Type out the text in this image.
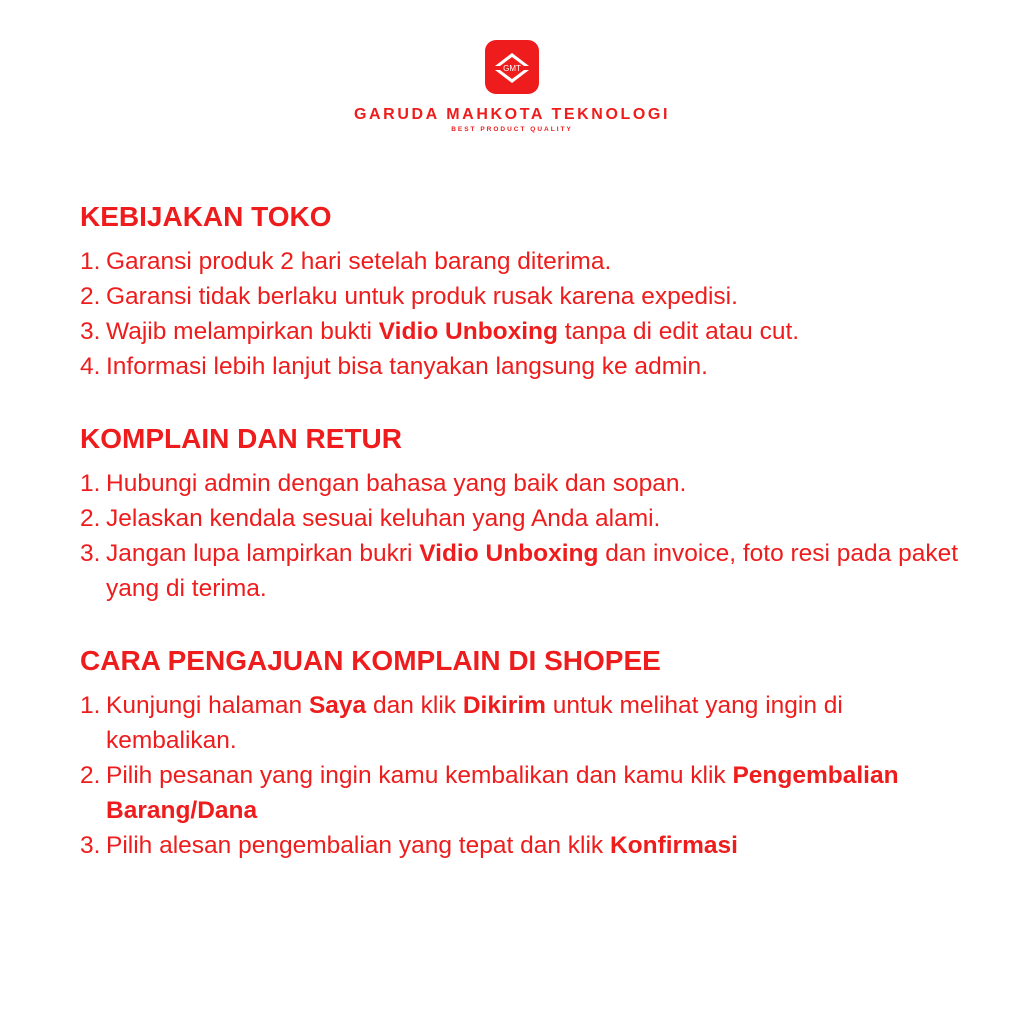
GMT
GARUDA MAHKOTA TEKNOLOGI
BEST PRODUCT QUALITY
KEBIJAKAN TOKO
1. Garansi produk 2 hari setelah barang diterima.
2. Garansi tidak berlaku untuk produk rusak karena expedisi.
3. Wajib melampirkan bukti Vidio Unboxing tanpa di edit atau cut.
4. Informasi lebih lanjut bisa tanyakan langsung ke admin.
KOMPLAIN DAN RETUR
1. Hubungi admin dengan bahasa yang baik dan sopan.
2. Jelaskan kendala sesuai keluhan yang Anda alami.
3. Jangan lupa lampirkan bukri Vidio Unboxing dan invoice, foto resi pada paket yang di terima.
CARA PENGAJUAN KOMPLAIN DI SHOPEE
1. Kunjungi halaman Saya dan klik Dikirim untuk melihat yang ingin di kembalikan.
2. Pilih pesanan yang ingin kamu kembalikan dan kamu klik Pengembalian Barang/Dana
3. Pilih alesan pengembalian yang tepat dan klik Konfirmasi
